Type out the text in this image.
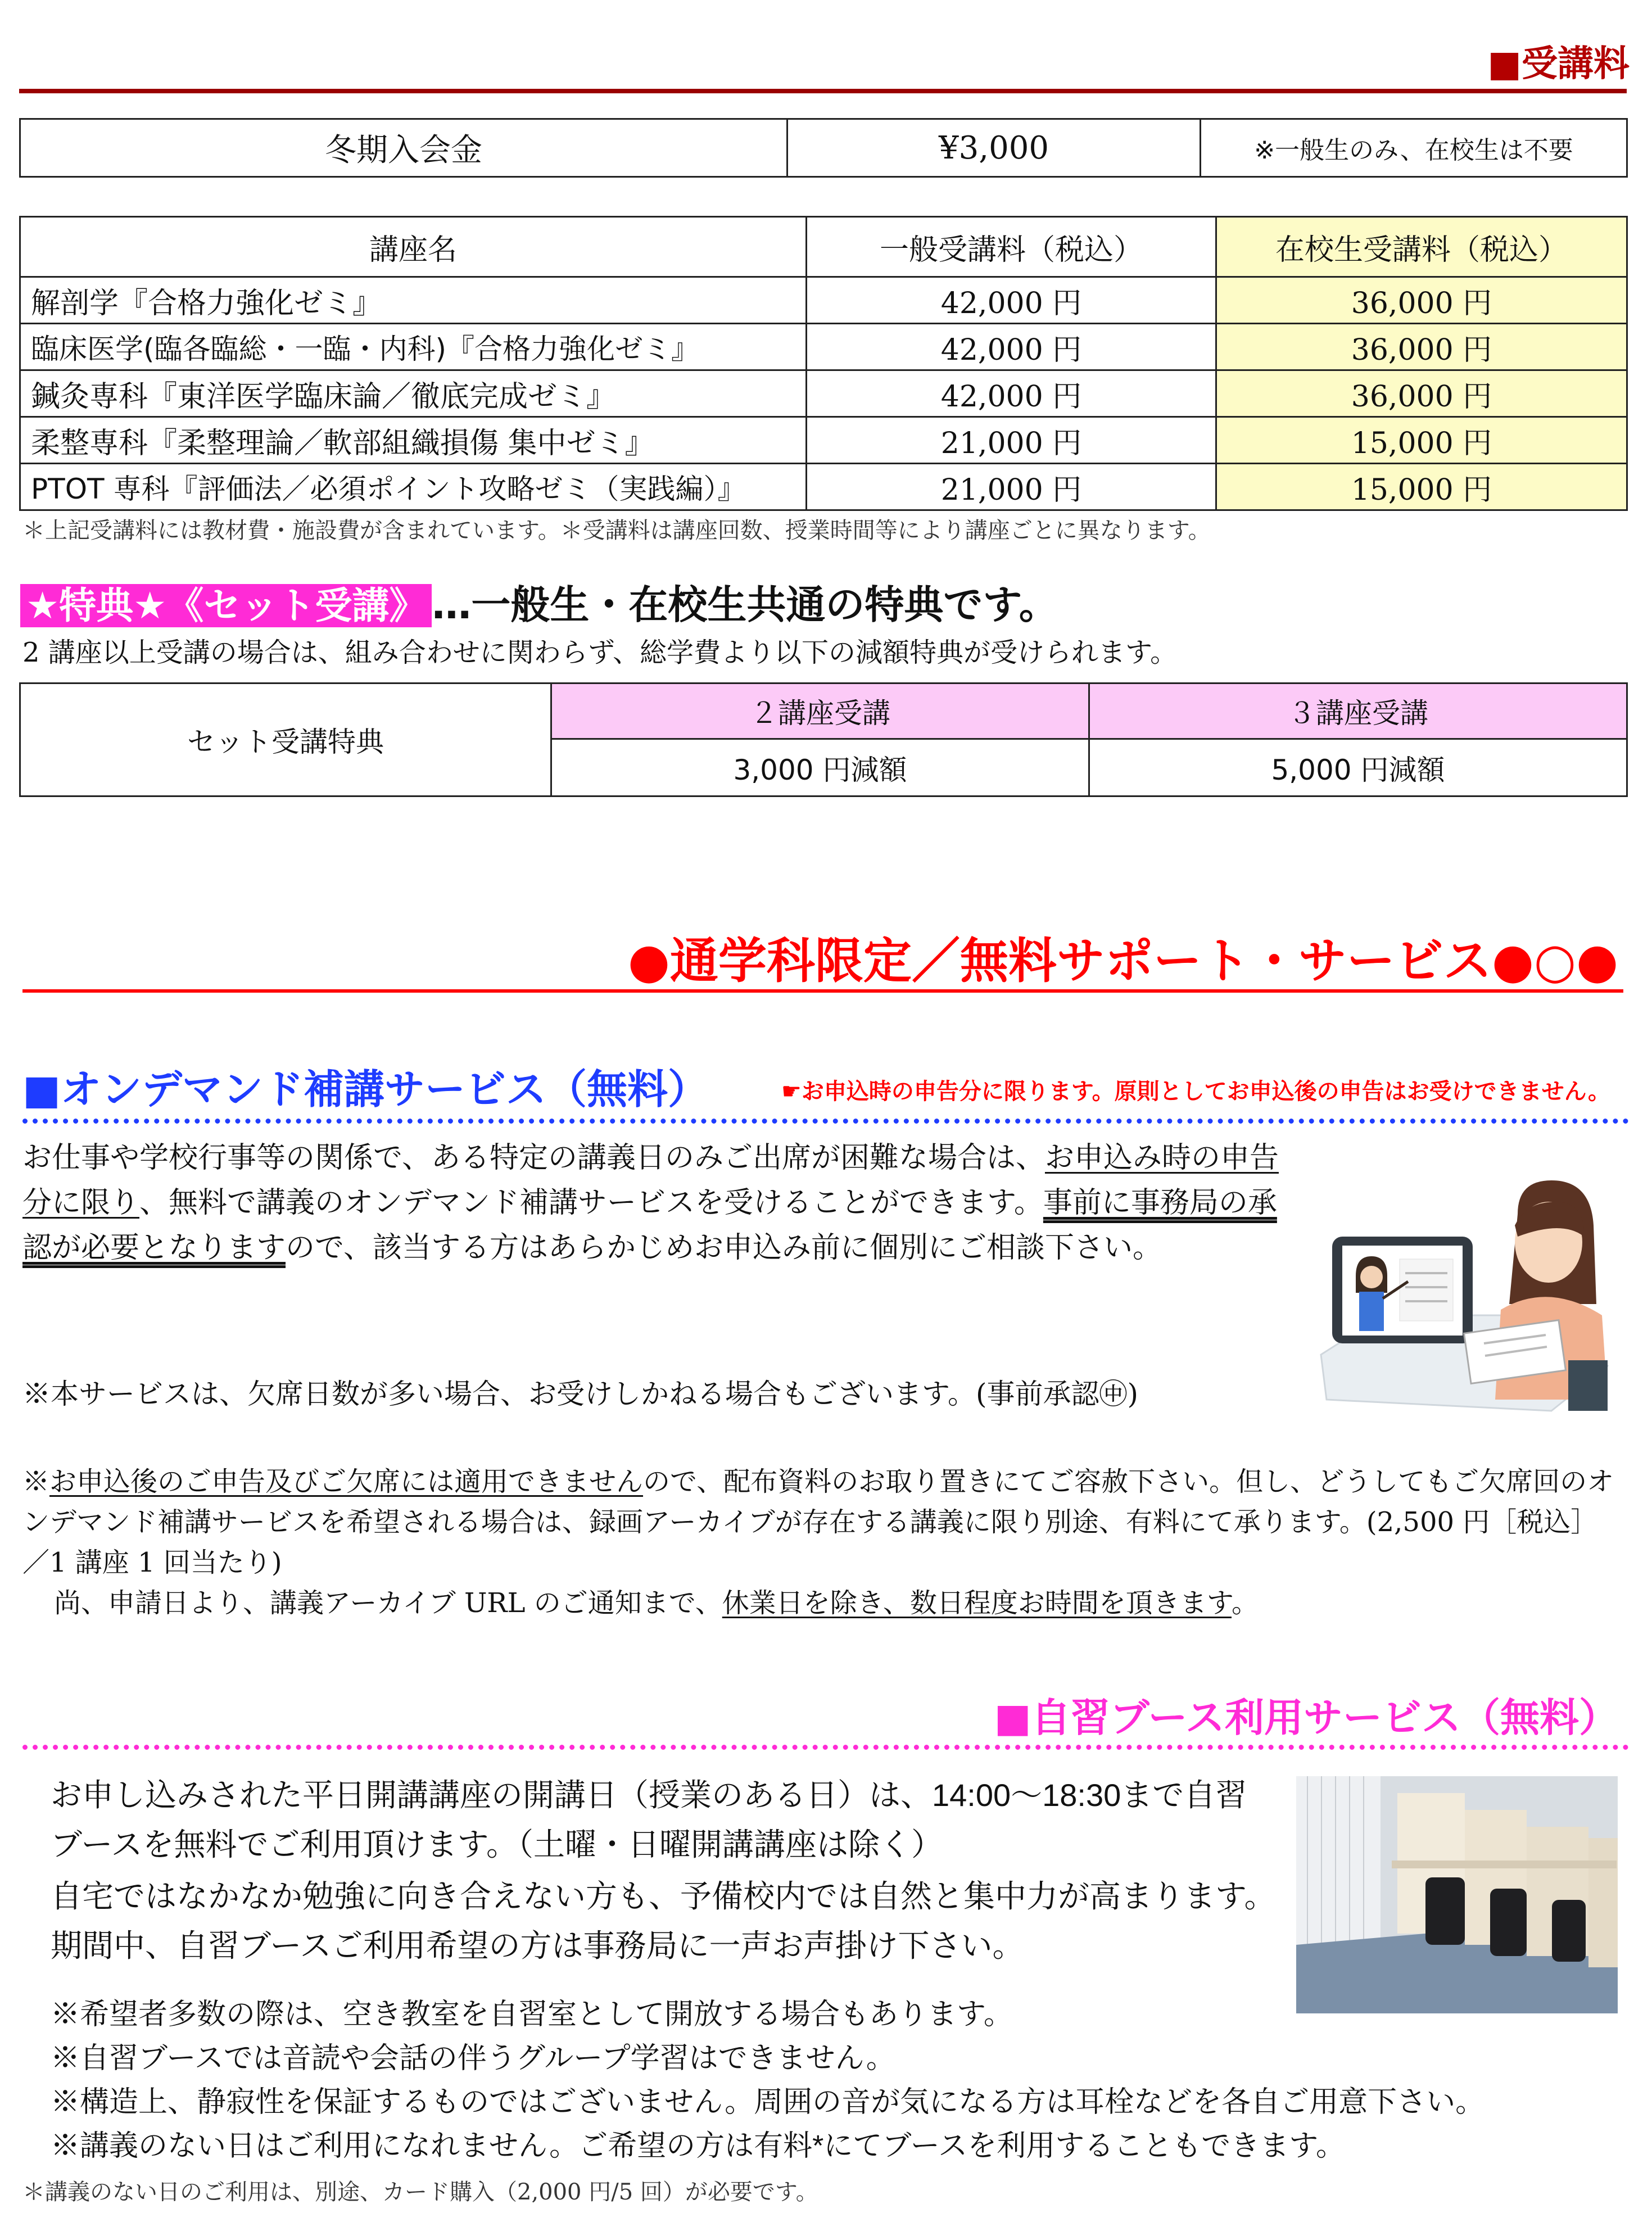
■受講料
冬期入会金	¥3,000	※一般生のみ、在校生は不要
講座名	一般受講料（税込）	在校生受講料（税込）
解剖学『合格力強化ゼミ』	42,000 円	36,000 円
臨床医学(臨各臨総・一臨・内科)『合格力強化ゼミ』	42,000 円	36,000 円
鍼灸専科『東洋医学臨床論／徹底完成ゼミ』	42,000 円	36,000 円
柔整専科『柔整理論／軟部組織損傷 集中ゼミ』	21,000 円	15,000 円
PTOT 専科『評価法／必須ポイント攻略ゼミ（実践編）』	21,000 円	15,000 円
＊上記受講料には教材費・施設費が含まれています。＊受講料は講座回数、授業時間等により講座ごとに異なります。
★特典★《セット受講》 …一般生・在校生共通の特典です。
2 講座以上受講の場合は、組み合わせに関わらず、総学費より以下の減額特典が受けられます。
セット受講特典	２講座受講	３講座受講
	3,000 円減額	5,000 円減額
●通学科限定／無料サポート・サービス●○●
■オンデマンド補講サービス（無料）	☛お申込時の申告分に限ります。原則としてお申込後の申告はお受けできません。
お仕事や学校行事等の関係で、ある特定の講義日のみご出席が困難な場合は、お申込み時の申告分に限り、無料で講義のオンデマンド補講サービスを受けることができます。事前に事務局の承認が必要となりますので、該当する方はあらかじめお申込み前に個別にご相談下さい。
※本サービスは、欠席日数が多い場合、お受けしかねる場合もございます。(事前承認㊥)
※お申込後のご申告及びご欠席には適用できませんので、配布資料のお取り置きにてご容赦下さい。但し、どうしてもご欠席回のオンデマンド補講サービスを希望される場合は、録画アーカイブが存在する講義に限り別途、有料にて承ります。(2,500 円［税込］／1 講座 1 回当たり)
尚、申請日より、講義アーカイブ URL のご通知まで、休業日を除き、数日程度お時間を頂きます。
■自習ブース利用サービス（無料）
お申し込みされた平日開講講座の開講日（授業のある日）は、14:00〜18:30まで自習ブースを無料でご利用頂けます。（土曜・日曜開講講座は除く）
自宅ではなかなか勉強に向き合えない方も、予備校内では自然と集中力が高まります。期間中、自習ブースご利用希望の方は事務局に一声お声掛け下さい。
※希望者多数の際は、空き教室を自習室として開放する場合もあります。
※自習ブースでは音読や会話の伴うグループ学習はできません。
※構造上、静寂性を保証するものではございません。周囲の音が気になる方は耳栓などを各自ご用意下さい。
※講義のない日はご利用になれません。ご希望の方は有料*にてブースを利用することもできます。
＊講義のない日のご利用は、別途、カード購入（2,000 円/5 回）が必要です。
